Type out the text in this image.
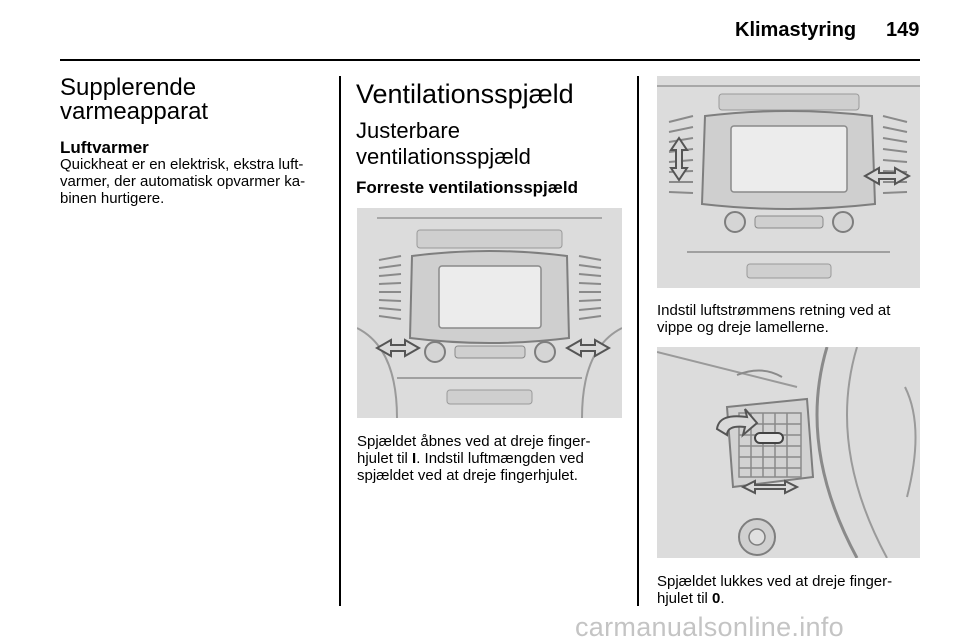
Klimastyring 149
Supplerende
varmeapparat
Luftvarmer
Quickheat er en elektrisk, ekstra luft-
varmer, der automatisk opvarmer ka-
binen hurtigere.
Ventilationsspjæld
Justerbare
ventilationsspjæld
Forreste ventilationsspjæld
Spjældet åbnes ved at dreje finger-
hjulet til I. Indstil luftmængden ved
spjældet ved at dreje fingerhjulet.
Indstil luftstrømmens retning ved at
vippe og dreje lamellerne.
Spjældet lukkes ved at dreje finger-
hjulet til 0.
carmanualsonline.info
